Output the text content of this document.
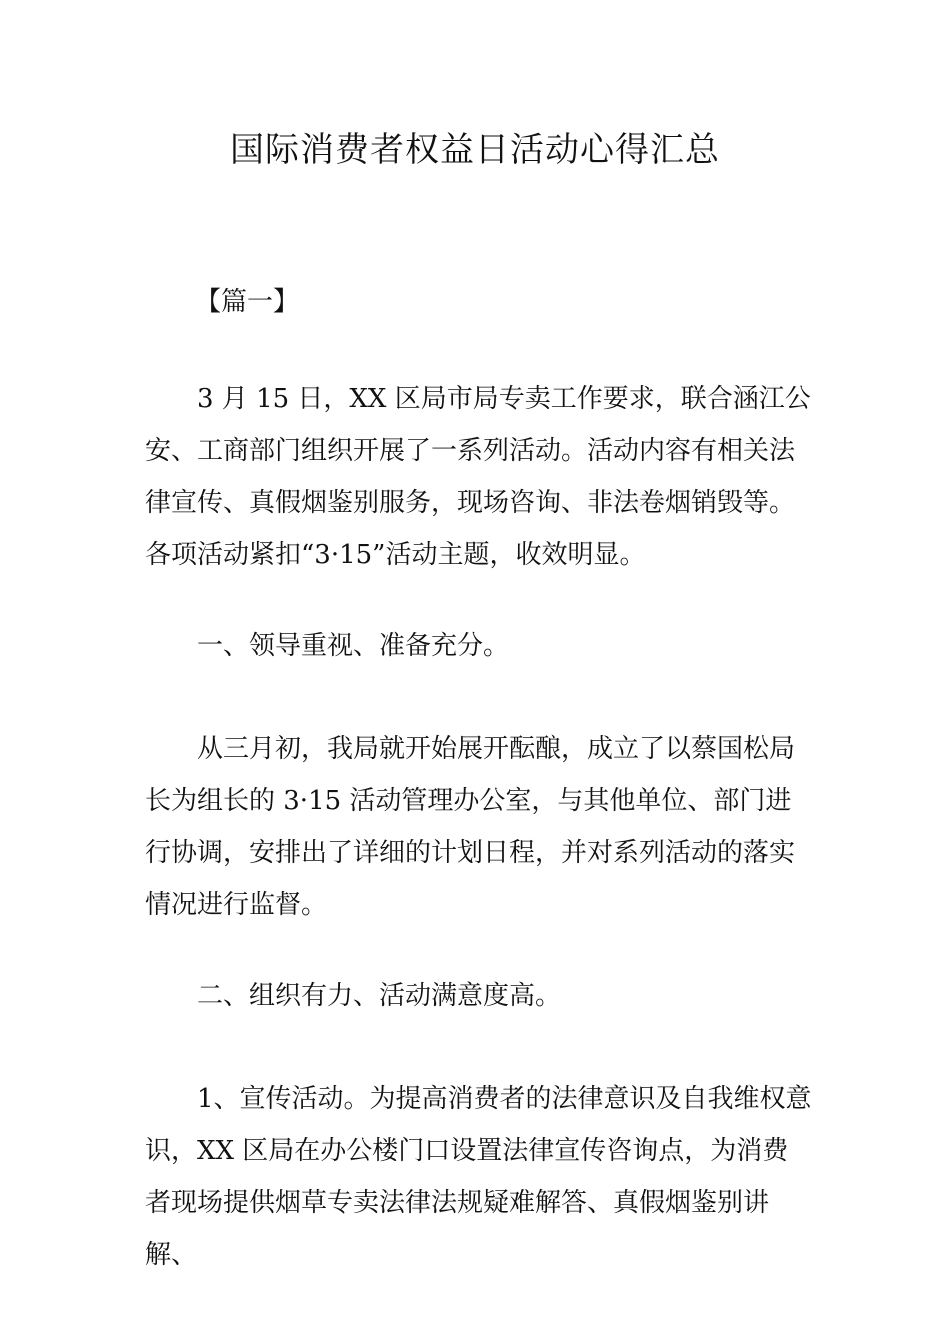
国际消费者权益日活动心得汇总

【篇一】

3 月 15 日，XX 区局市局专卖工作要求，联合涵江公安、工商部门组织开展了一系列活动。活动内容有相关法律宣传、真假烟鉴别服务，现场咨询、非法卷烟销毁等。各项活动紧扣“3·15”活动主题，收效明显。

一、领导重视、准备充分。

从三月初，我局就开始展开酝酿，成立了以蔡国松局长为组长的 3·15 活动管理办公室，与其他单位、部门进行协调，安排出了详细的计划日程，并对系列活动的落实情况进行监督。

二、组织有力、活动满意度高。

1、宣传活动。为提高消费者的法律意识及自我维权意识，XX 区局在办公楼门口设置法律宣传咨询点，为消费者现场提供烟草专卖法律法规疑难解答、真假烟鉴别讲解、
